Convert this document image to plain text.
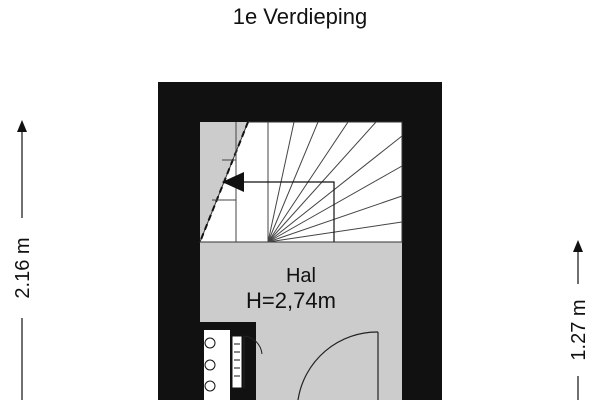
1e Verdieping
Hal
H=2,74m
2.16 m
1.27 m
